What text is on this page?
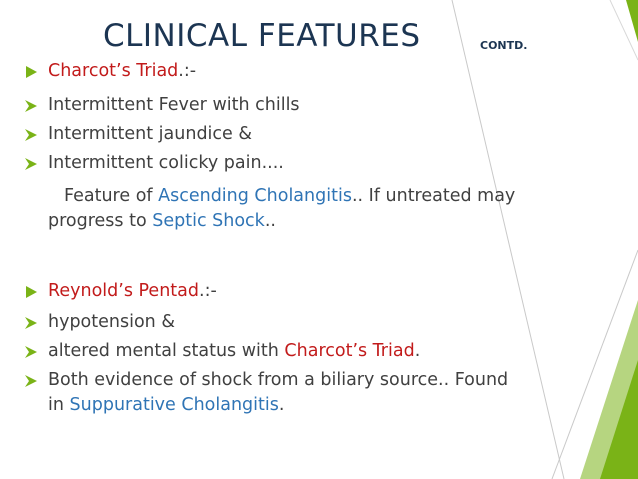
CLINICAL FEATURES	CONTD.
Charcot’s Triad.:-
Intermittent Fever with chills
Intermittent jaundice &
Intermittent colicky pain....
Feature of Ascending Cholangitis.. If untreated may
progress to Septic Shock..
Reynold’s Pentad.:-
hypotension &
altered mental status with Charcot’s Triad.
Both evidence of shock from a biliary source.. Found
in Suppurative Cholangitis.
